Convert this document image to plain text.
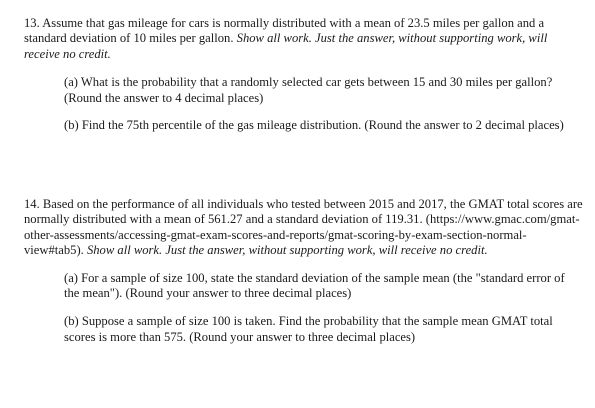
13. Assume that gas mileage for cars is normally distributed with a mean of 23.5 miles per gallon and a standard deviation of 10 miles per gallon. Show all work. Just the answer, without supporting work, will receive no credit.

(a) What is the probability that a randomly selected car gets between 15 and 30 miles per gallon? (Round the answer to 4 decimal places)

(b) Find the 75th percentile of the gas mileage distribution. (Round the answer to 2 decimal places)

14. Based on the performance of all individuals who tested between 2015 and 2017, the GMAT total scores are normally distributed with a mean of 561.27 and a standard deviation of 119.31. (https://www.gmac.com/gmat-other-assessments/accessing-gmat-exam-scores-and-reports/gmat-scoring-by-exam-section-normal-view#tab5). Show all work. Just the answer, without supporting work, will receive no credit.

(a) For a sample of size 100, state the standard deviation of the sample mean (the "standard error of the mean"). (Round your answer to three decimal places)

(b) Suppose a sample of size 100 is taken. Find the probability that the sample mean GMAT total scores is more than 575. (Round your answer to three decimal places)
